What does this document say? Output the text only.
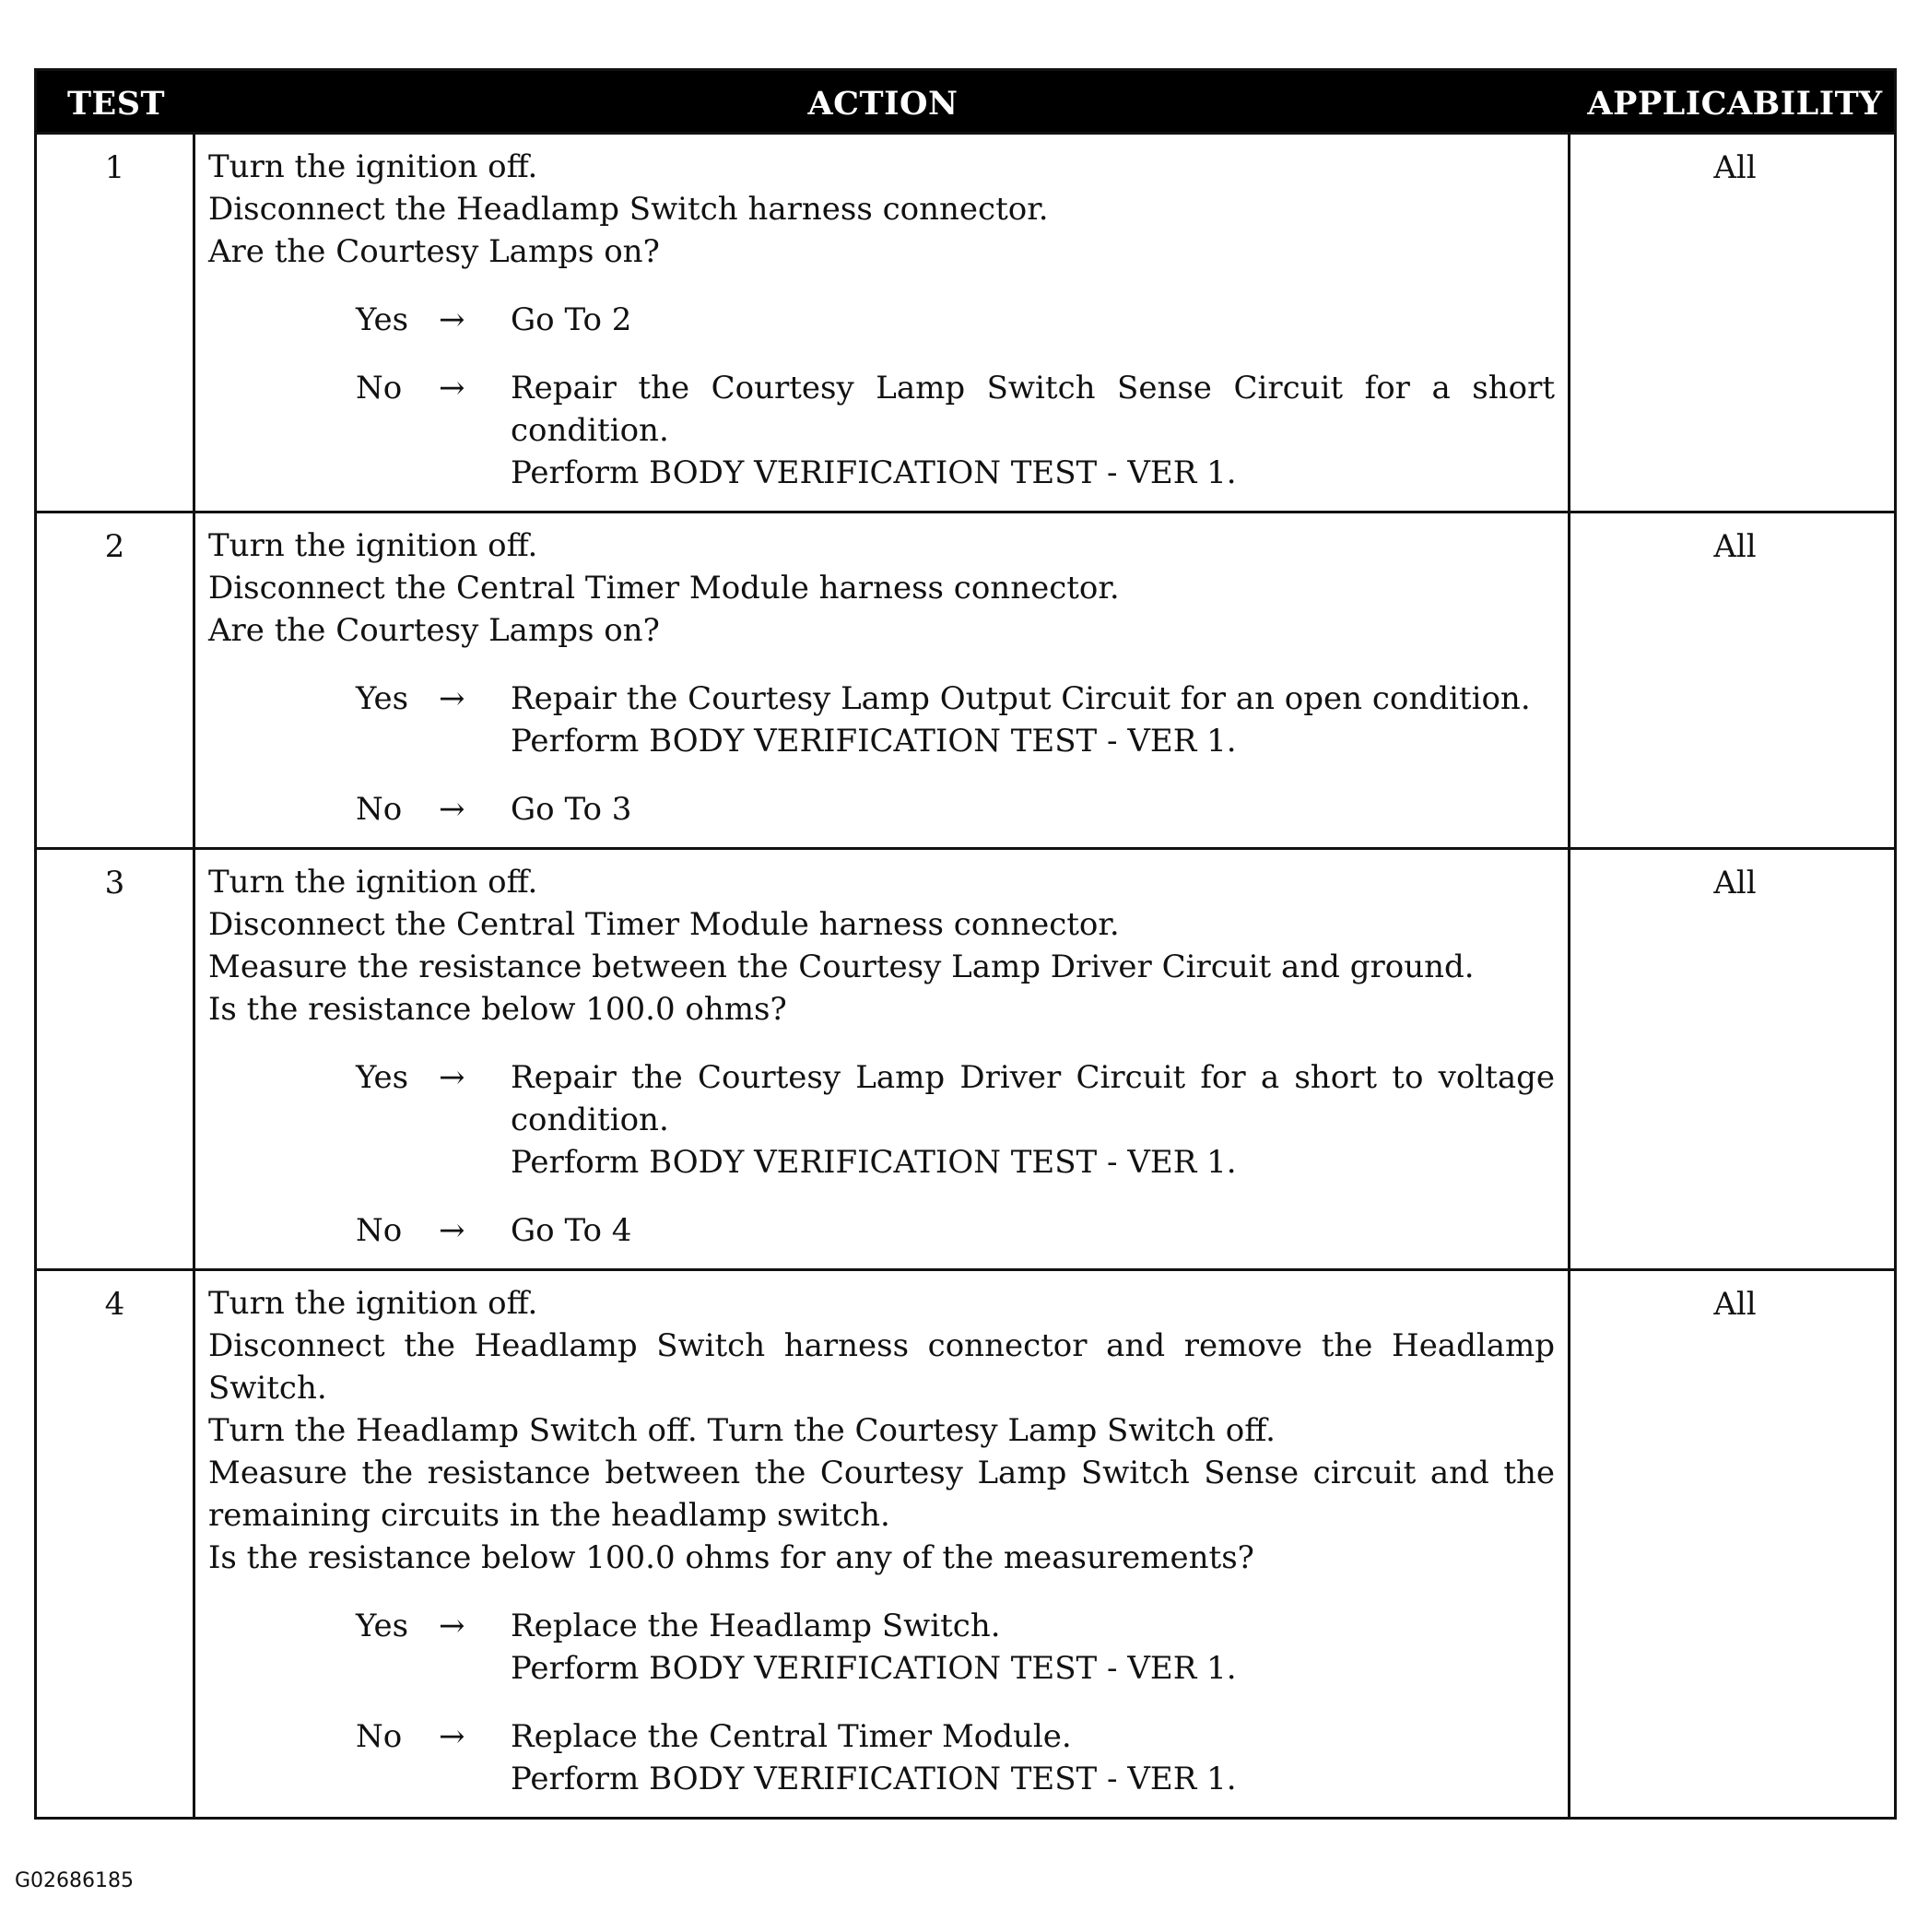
TEST	ACTION	APPLICABILITY
1	Turn the ignition off.
Disconnect the Headlamp Switch harness connector.
Are the Courtesy Lamps on?
Yes →	Go To 2
No	→	Repair the Courtesy Lamp Switch Sense Circuit for a short condition.
Perform BODY VERIFICATION TEST - VER 1.
All
2	Turn the ignition off.
Disconnect the Central Timer Module harness connector.
Are the Courtesy Lamps on?
Yes →	Repair the Courtesy Lamp Output Circuit for an open condition.
Perform BODY VERIFICATION TEST - VER 1.
No	→	Go To 3
All
3	Turn the ignition off.
Disconnect the Central Timer Module harness connector.
Measure the resistance between the Courtesy Lamp Driver Circuit and ground.
Is the resistance below 100.0 ohms?
Yes →	Repair the Courtesy Lamp Driver Circuit for a short to voltage condition.
Perform BODY VERIFICATION TEST - VER 1.
No	→	Go To 4
All
4	Turn the ignition off.
Disconnect the Headlamp Switch harness connector and remove the Headlamp Switch.
Turn the Headlamp Switch off. Turn the Courtesy Lamp Switch off.
Measure the resistance between the Courtesy Lamp Switch Sense circuit and the remaining circuits in the headlamp switch.
Is the resistance below 100.0 ohms for any of the measurements?
Yes →	Replace the Headlamp Switch.
Perform BODY VERIFICATION TEST - VER 1.
No	→	Replace the Central Timer Module.
Perform BODY VERIFICATION TEST - VER 1.
All
G02686185
